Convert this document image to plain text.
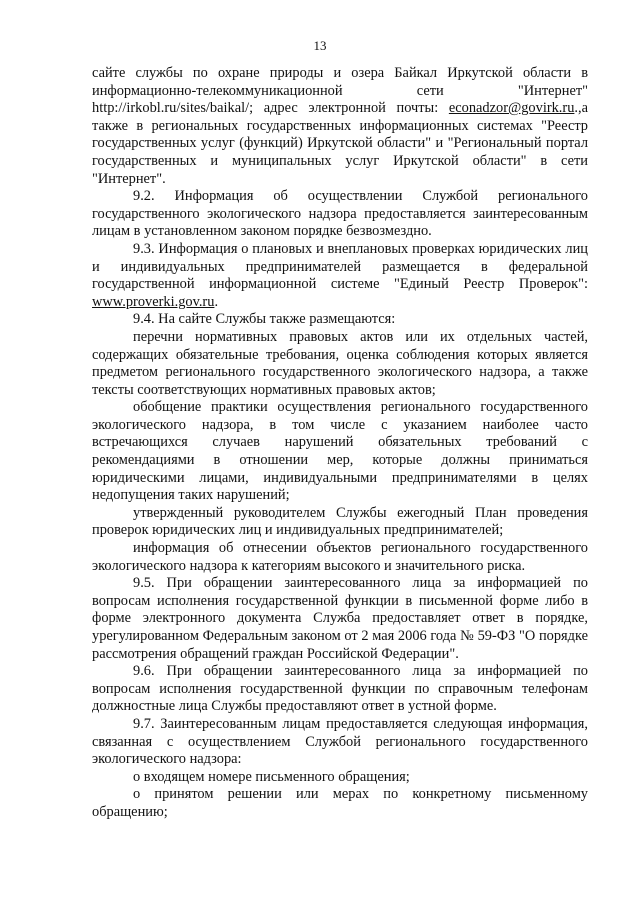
13

сайте службы по охране природы и озера Байкал Иркутской области в информационно-телекоммуникационной сети "Интернет" http://irkobl.ru/sites/baikal/; адрес электронной почты: econadzor@govirk.ru.,а также в региональных государственных информационных системах "Реестр государственных услуг (функций) Иркутской области" и "Региональный портал государственных и муниципальных услуг Иркутской области" в сети "Интернет".

9.2. Информация об осуществлении Службой регионального государственного экологического надзора предоставляется заинтересованным лицам в установленном законом порядке безвозмездно.

9.3. Информация о плановых и внеплановых проверках юридических лиц и индивидуальных предпринимателей размещается в федеральной государственной информационной системе "Единый Реестр Проверок": www.proverki.gov.ru.

9.4. На сайте Службы также размещаются:

перечни нормативных правовых актов или их отдельных частей, содержащих обязательные требования, оценка соблюдения которых является предметом регионального государственного экологического надзора, а также тексты соответствующих нормативных правовых актов;

обобщение практики осуществления регионального государственного экологического надзора, в том числе с указанием наиболее часто встречающихся случаев нарушений обязательных требований с рекомендациями в отношении мер, которые должны приниматься юридическими лицами, индивидуальными предпринимателями в целях недопущения таких нарушений;

утвержденный руководителем Службы ежегодный План проведения проверок юридических лиц и индивидуальных предпринимателей;

информация об отнесении объектов регионального государственного экологического надзора к категориям высокого и значительного риска.

9.5. При обращении заинтересованного лица за информацией по вопросам исполнения государственной функции в письменной форме либо в форме электронного документа Служба предоставляет ответ в порядке, урегулированном Федеральным законом от 2 мая 2006 года № 59-ФЗ "О порядке рассмотрения обращений граждан Российской Федерации".

9.6. При обращении заинтересованного лица за информацией по вопросам исполнения государственной функции по справочным телефонам должностные лица Службы предоставляют ответ в устной форме.

9.7. Заинтересованным лицам предоставляется следующая информация, связанная с осуществлением Службой регионального государственного экологического надзора:

о входящем номере письменного обращения;

о принятом решении или мерах по конкретному письменному обращению;
